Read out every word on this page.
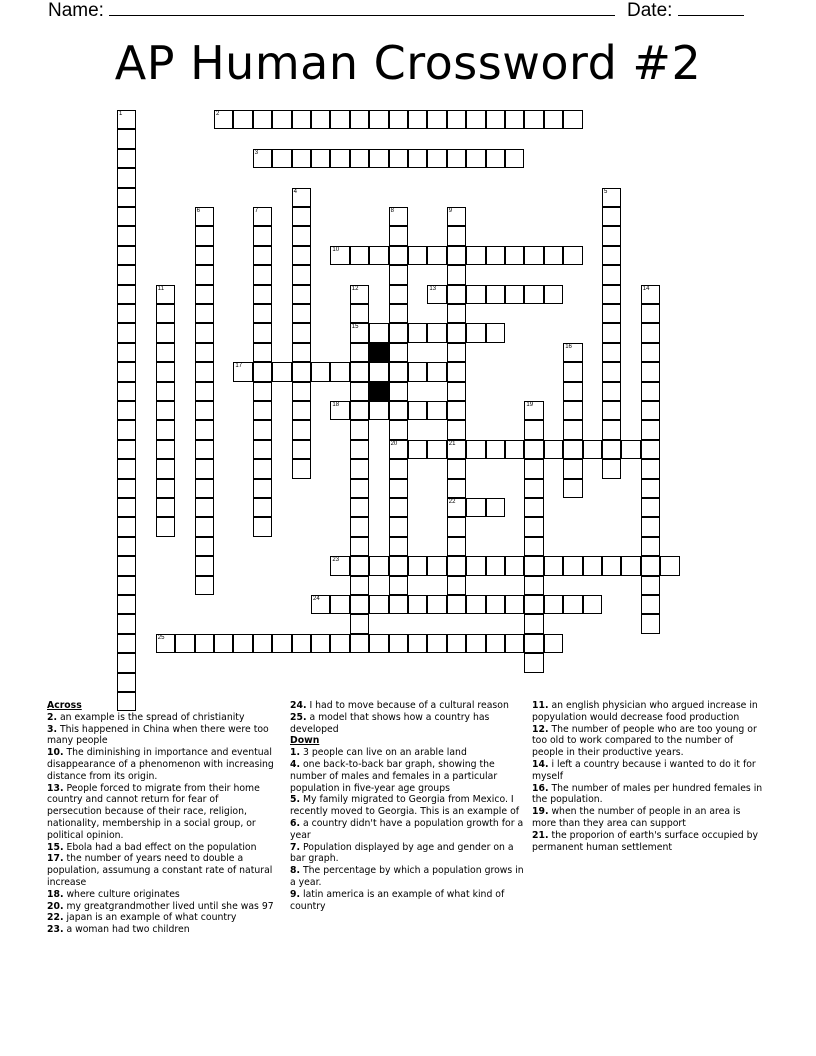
Name:	Date:
AP Human Crossword #2
1	2
3
4	5
6	7	8
20
9
21
22
10
11	12
15
13	14
16
17
18	19
23
24
25
Across
2. an example is the spread of christianity
3. This happened in China when there were too many people
10. The diminishing in importance and eventual disappearance of a phenomenon with increasing distance from its origin.
13. People forced to migrate from their home country and cannot return for fear of persecution because of their race, religion, nationality, membership in a social group, or political opinion.
15. Ebola had a bad effect on the population
17. the number of years need to double a population, assumung a constant rate of natural increase
18. where culture originates
20. my greatgrandmother lived until she was 97
22. japan is an example of what country
23. a woman had two children
24. I had to move because of a cultural reason
25. a model that shows how a country has developed
Down
1. 3 people can live on an arable land
4. one back-to-back bar graph, showing the number of males and females in a particular population in five-year age groups
5. My family migrated to Georgia from Mexico. I recently moved to Georgia. This is an example of
6. a country didn't have a population growth for a year
7. Population displayed by age and gender on a bar graph.
8. The percentage by which a population grows in a year.
9. latin america is an example of what kind of country
11. an english physician who argued increase in popyulation would decrease food production
12. The number of people who are too young or too old to work compared to the number of people in their productive years.
14. i left a country because i wanted to do it for myself
16. The number of males per hundred females in the population.
19. when the number of people in an area is more than they area can support
21. the proporion of earth's surface occupied by permanent human settlement
